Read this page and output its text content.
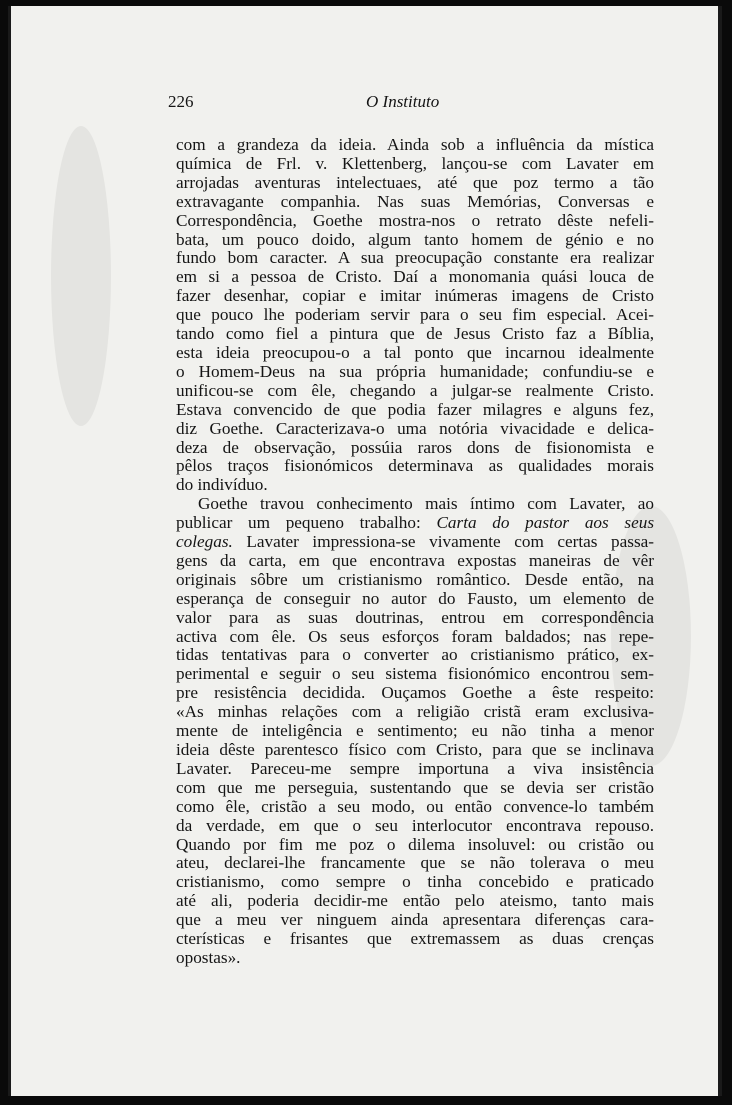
226	O Instituto
com a grandeza da ideia. Ainda sob a influência da mística
química de Frl. v. Klettenberg, lançou-se com Lavater em
arrojadas aventuras intelectuaes, até que poz termo a tão
extravagante companhia. Nas suas Memórias, Conversas e
Correspondência, Goethe mostra-nos o retrato dêste nefeli-
bata, um pouco doido, algum tanto homem de génio e no
fundo bom caracter. A sua preocupação constante era realizar
em si a pessoa de Cristo. Daí a monomania quási louca de
fazer desenhar, copiar e imitar inúmeras imagens de Cristo
que pouco lhe poderiam servir para o seu fim especial. Acei-
tando como fiel a pintura que de Jesus Cristo faz a Bíblia,
esta ideia preocupou-o a tal ponto que incarnou idealmente
o Homem-Deus na sua própria humanidade; confundiu-se e
unificou-se com êle, chegando a julgar-se realmente Cristo.
Estava convencido de que podia fazer milagres e alguns fez,
diz Goethe. Caracterizava-o uma notória vivacidade e delica-
deza de observação, possúia raros dons de fisionomista e
pêlos traços fisionómicos determinava as qualidades morais
do indivíduo.
Goethe travou conhecimento mais íntimo com Lavater, ao
publicar um pequeno trabalho: Carta do pastor aos seus
colegas. Lavater impressiona-se vivamente com certas passa-
gens da carta, em que encontrava expostas maneiras de vêr
originais sôbre um cristianismo romântico. Desde então, na
esperança de conseguir no autor do Fausto, um elemento de
valor para as suas doutrinas, entrou em correspondência
activa com êle. Os seus esforços foram baldados; nas repe-
tidas tentativas para o converter ao cristianismo prático, ex-
perimental e seguir o seu sistema fisionómico encontrou sem-
pre resistência decidida. Ouçamos Goethe a êste respeito:
«As minhas relações com a religião cristã eram exclusiva-
mente de inteligência e sentimento; eu não tinha a menor
ideia dêste parentesco físico com Cristo, para que se inclinava
Lavater. Pareceu-me sempre importuna a viva insistência
com que me perseguia, sustentando que se devia ser cristão
como êle, cristão a seu modo, ou então convence-lo também
da verdade, em que o seu interlocutor encontrava repouso.
Quando por fim me poz o dilema insoluvel: ou cristão ou
ateu, declarei-lhe francamente que se não tolerava o meu
cristianismo, como sempre o tinha concebido e praticado
até ali, poderia decidir-me então pelo ateismo, tanto mais
que a meu ver ninguem ainda apresentara diferenças cara-
cterísticas e frisantes que extremassem as duas crenças
opostas».
